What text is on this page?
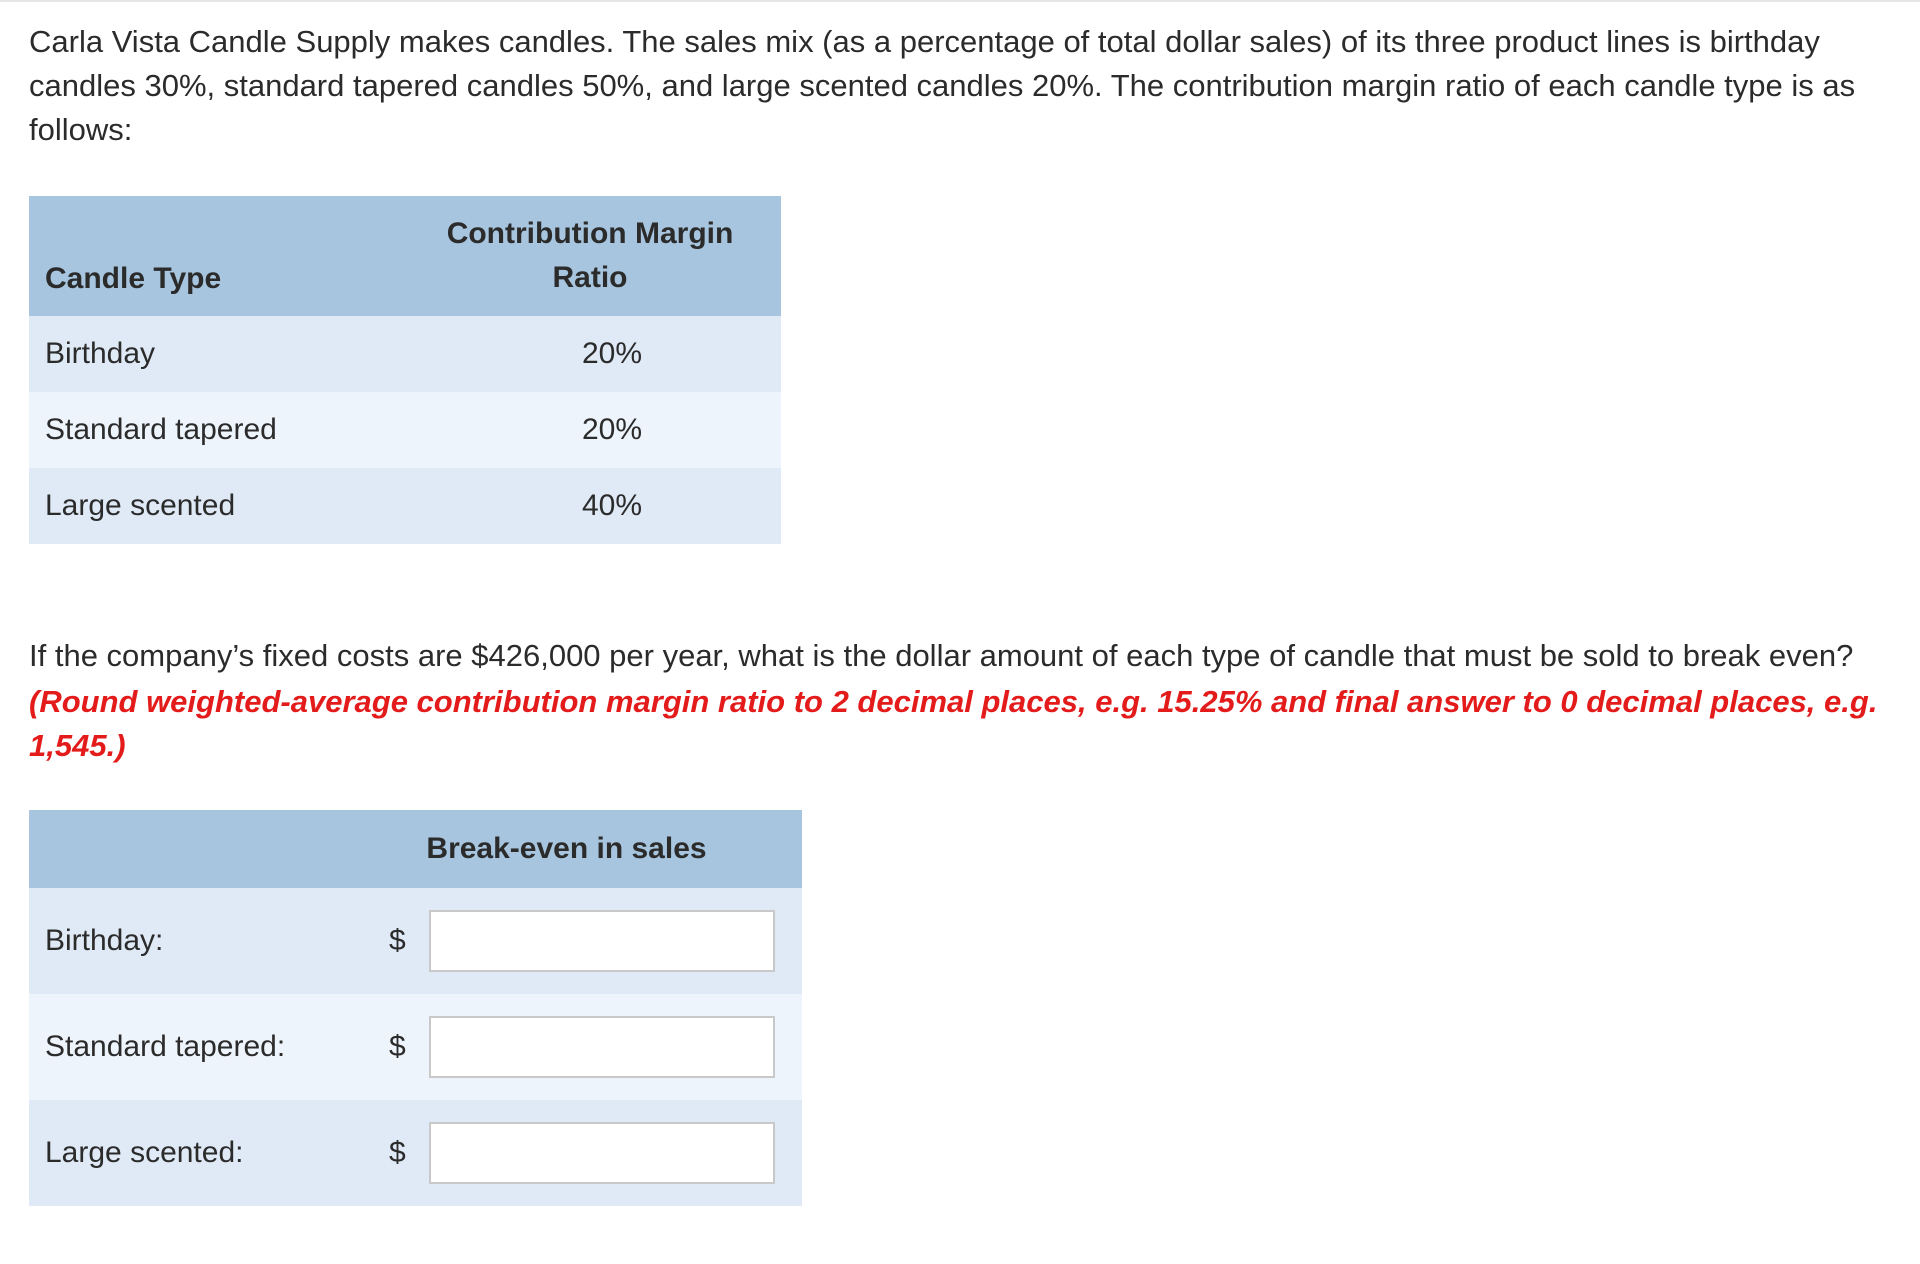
Carla Vista Candle Supply makes candles. The sales mix (as a percentage of total dollar sales) of its three product lines is birthday candles 30%, standard tapered candles 50%, and large scented candles 20%. The contribution margin ratio of each candle type is as follows:

Candle Type	Contribution Margin
Ratio
Birthday	20%
Standard tapered	20%
Large scented	40%

If the company’s fixed costs are $426,000 per year, what is the dollar amount of each type of candle that must be sold to break even?
(Round weighted-average contribution margin ratio to 2 decimal places, e.g. 15.25% and final answer to 0 decimal places, e.g. 1,545.)

	Break-even in sales
Birthday:	$
Standard tapered:	$
Large scented:	$
